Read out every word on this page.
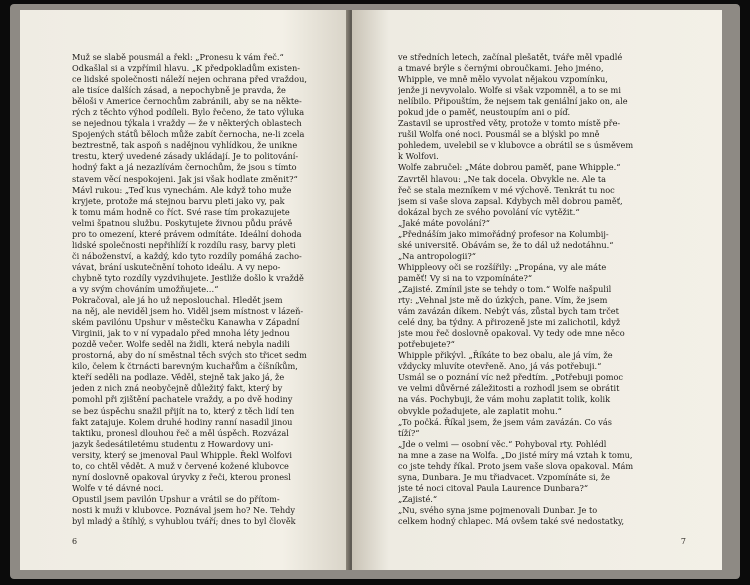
Muž se slabě pousmál a řekl: „Pronesu k vám řeč.“
Odkašlal si a vzpřímil hlavu. „K předpokladům existen-
ce lidské společnosti náleží nejen ochrana před vraždou,
ale tisíce dalších zásad, a nepochybně je pravda, že
běloši v Americe černochům zabránili, aby se na někte-
rých z těchto výhod podíleli. Bylo řečeno, že tato výluka
se nejednou týkala i vraždy — že v některých oblastech
Spojených států běloch může zabít černocha, ne-li zcela
beztrestně, tak aspoň s nadějnou vyhlídkou, že unikne
trestu, který uvedené zásady ukládají. Je to politování-
hodný fakt a já nezazlívám černochům, že jsou s tímto
stavem věcí nespokojeni. Jak jsi však hodlate změnit?“
Mávl rukou: „Teď kus vynechám. Ale když toho muže
kryjete, protože má stejnou barvu pleti jako vy, pak
k tomu mám hodně co říct. Své rase tím prokazujete
velmi špatnou službu. Poskytujete živnou půdu právě
pro to omezení, které právem odmítáte. Ideální dohoda
lidské společnosti nepřihlíží k rozdílu rasy, barvy pleti
či náboženství, a každý, kdo tyto rozdíly pomáhá zacho-
vávat, brání uskutečnění tohoto ideálu. A vy nepo-
chybně tyto rozdíly vyzdvihujete. Jestliže došlo k vraždě
a vy svým chováním umožňujete…“
Pokračoval, ale já ho už neposlouchal. Hledět jsem
na něj, ale neviděl jsem ho. Viděl jsem místnost v lázeň-
ském pavilónu Upshur v městečku Kanawha v Západní
Virginii, jak to v ní vypadalo před mnoha léty jednou
pozdě večer. Wolfe seděl na židli, která nebyla nadili
prostorná, aby do ní směstnal těch svých sto třicet sedm
kilo, čelem k čtrnácti barevným kuchařům a číšníkům,
kteří seděli na podlaze. Věděl, stejně tak jako já, že
jeden z nich zná neobyčejně důležitý fakt, který by
pomohl při zjištění pachatele vraždy, a po dvě hodiny
se bez úspěchu snažil přijít na to, který z těch lidí ten
fakt zatajuje. Kolem druhé hodiny ranní nasadil jinou
taktiku, pronesl dlouhou řeč a měl úspěch. Rozvázal
jazyk šedesátiletému studentu z Howardovy uni-
versity, který se jmenoval Paul Whipple. Řekl Wolfovi
to, co chtěl vědět. A muž v červené kožené klubovce
nyní doslovně opakoval úryvky z řeči, kterou pronesl
Wolfe v té dávné noci.
Opustil jsem pavilón Upshur a vrátil se do přítom-
nosti k muži v klubovce. Poznával jsem ho? Ne. Tehdy
byl mladý a štíhlý, s vyhublou tváří; dnes to byl člověk
6
ve středních letech, začínal plešatět, tváře měl vpadlé
a tmavé brýle s černými obroučkami. Jeho jméno,
Whipple, ve mně mělo vyvolat nějakou vzpomínku,
jenže ji nevyvolalo. Wolfe si však vzpomněl, a to se mi
nelíbilo. Připouštím, že nejsem tak geniální jako on, ale
pokud jde o paměť, neustoupím ani o píď.
Zastavil se uprostřed věty, protože v tomto místě pře-
rušil Wolfa oné noci. Pousmál se a blýskl po mně
pohledem, uvelebil se v klubovce a obrátil se s úsměvem
k Wolfovi.
Wolfe zabručel: „Máte dobrou paměť, pane Whipple.“
Zavrtěl hlavou: „Ne tak docela. Obvykle ne. Ale ta
řeč se stala mezníkem v mé výchově. Tenkrát tu noc
jsem si vaše slova zapsal. Kdybych měl dobrou paměť,
dokázal bych ze svého povolání víc vytěžit.“
„Jaké máte povolání?“
„Přednáším jako mimořádný profesor na Kolumbij-
ské universitě. Obávám se, že to dál už nedotáhnu.“
„Na antropologii?“
Whippleovy oči se rozšířily: „Propána, vy ale máte
paměť! Vy si na to vzpomínáte?“
„Zajisté. Zmínil jste se tehdy o tom.“ Wolfe našpulil
rty: „Vehnal jste mě do úzkých, pane. Vím, že jsem
vám zavázán díkem. Nebýt vás, zůstal bych tam trčet
celé dny, ba týdny. A přirozeně jste mi zalichotil, když
jste mou řeč doslovně opakoval. Vy tedy ode mne něco
potřebujete?“
Whipple přikývl. „Říkáte to bez obalu, ale já vím, že
vždycky mluvíte otevřeně. Ano, já vás potřebuji.“
Usmál se o poznání víc než předtím. „Potřebuji pomoc
ve velmi důvěrné záležitosti a rozhodl jsem se obrátit
na vás. Pochybuji, že vám mohu zaplatit tolik, kolik
obvykle požadujete, ale zaplatit mohu.“
„To počká. Říkal jsem, že jsem vám zavázán. Co vás
tíží?“
„Jde o velmi — osobní věc.“ Pohyboval rty. Pohlédl
na mne a zase na Wolfa. „Do jisté míry má vztah k tomu,
co jste tehdy říkal. Proto jsem vaše slova opakoval. Mám
syna, Dunbara. Je mu třiadvacet. Vzpomínáte si, že
jste té noci citoval Paula Laurence Dunbara?“
„Zajisté.“
„Nu, svého syna jsme pojmenovali Dunbar. Je to
celkem hodný chlapec. Má ovšem také své nedostatky,
7
